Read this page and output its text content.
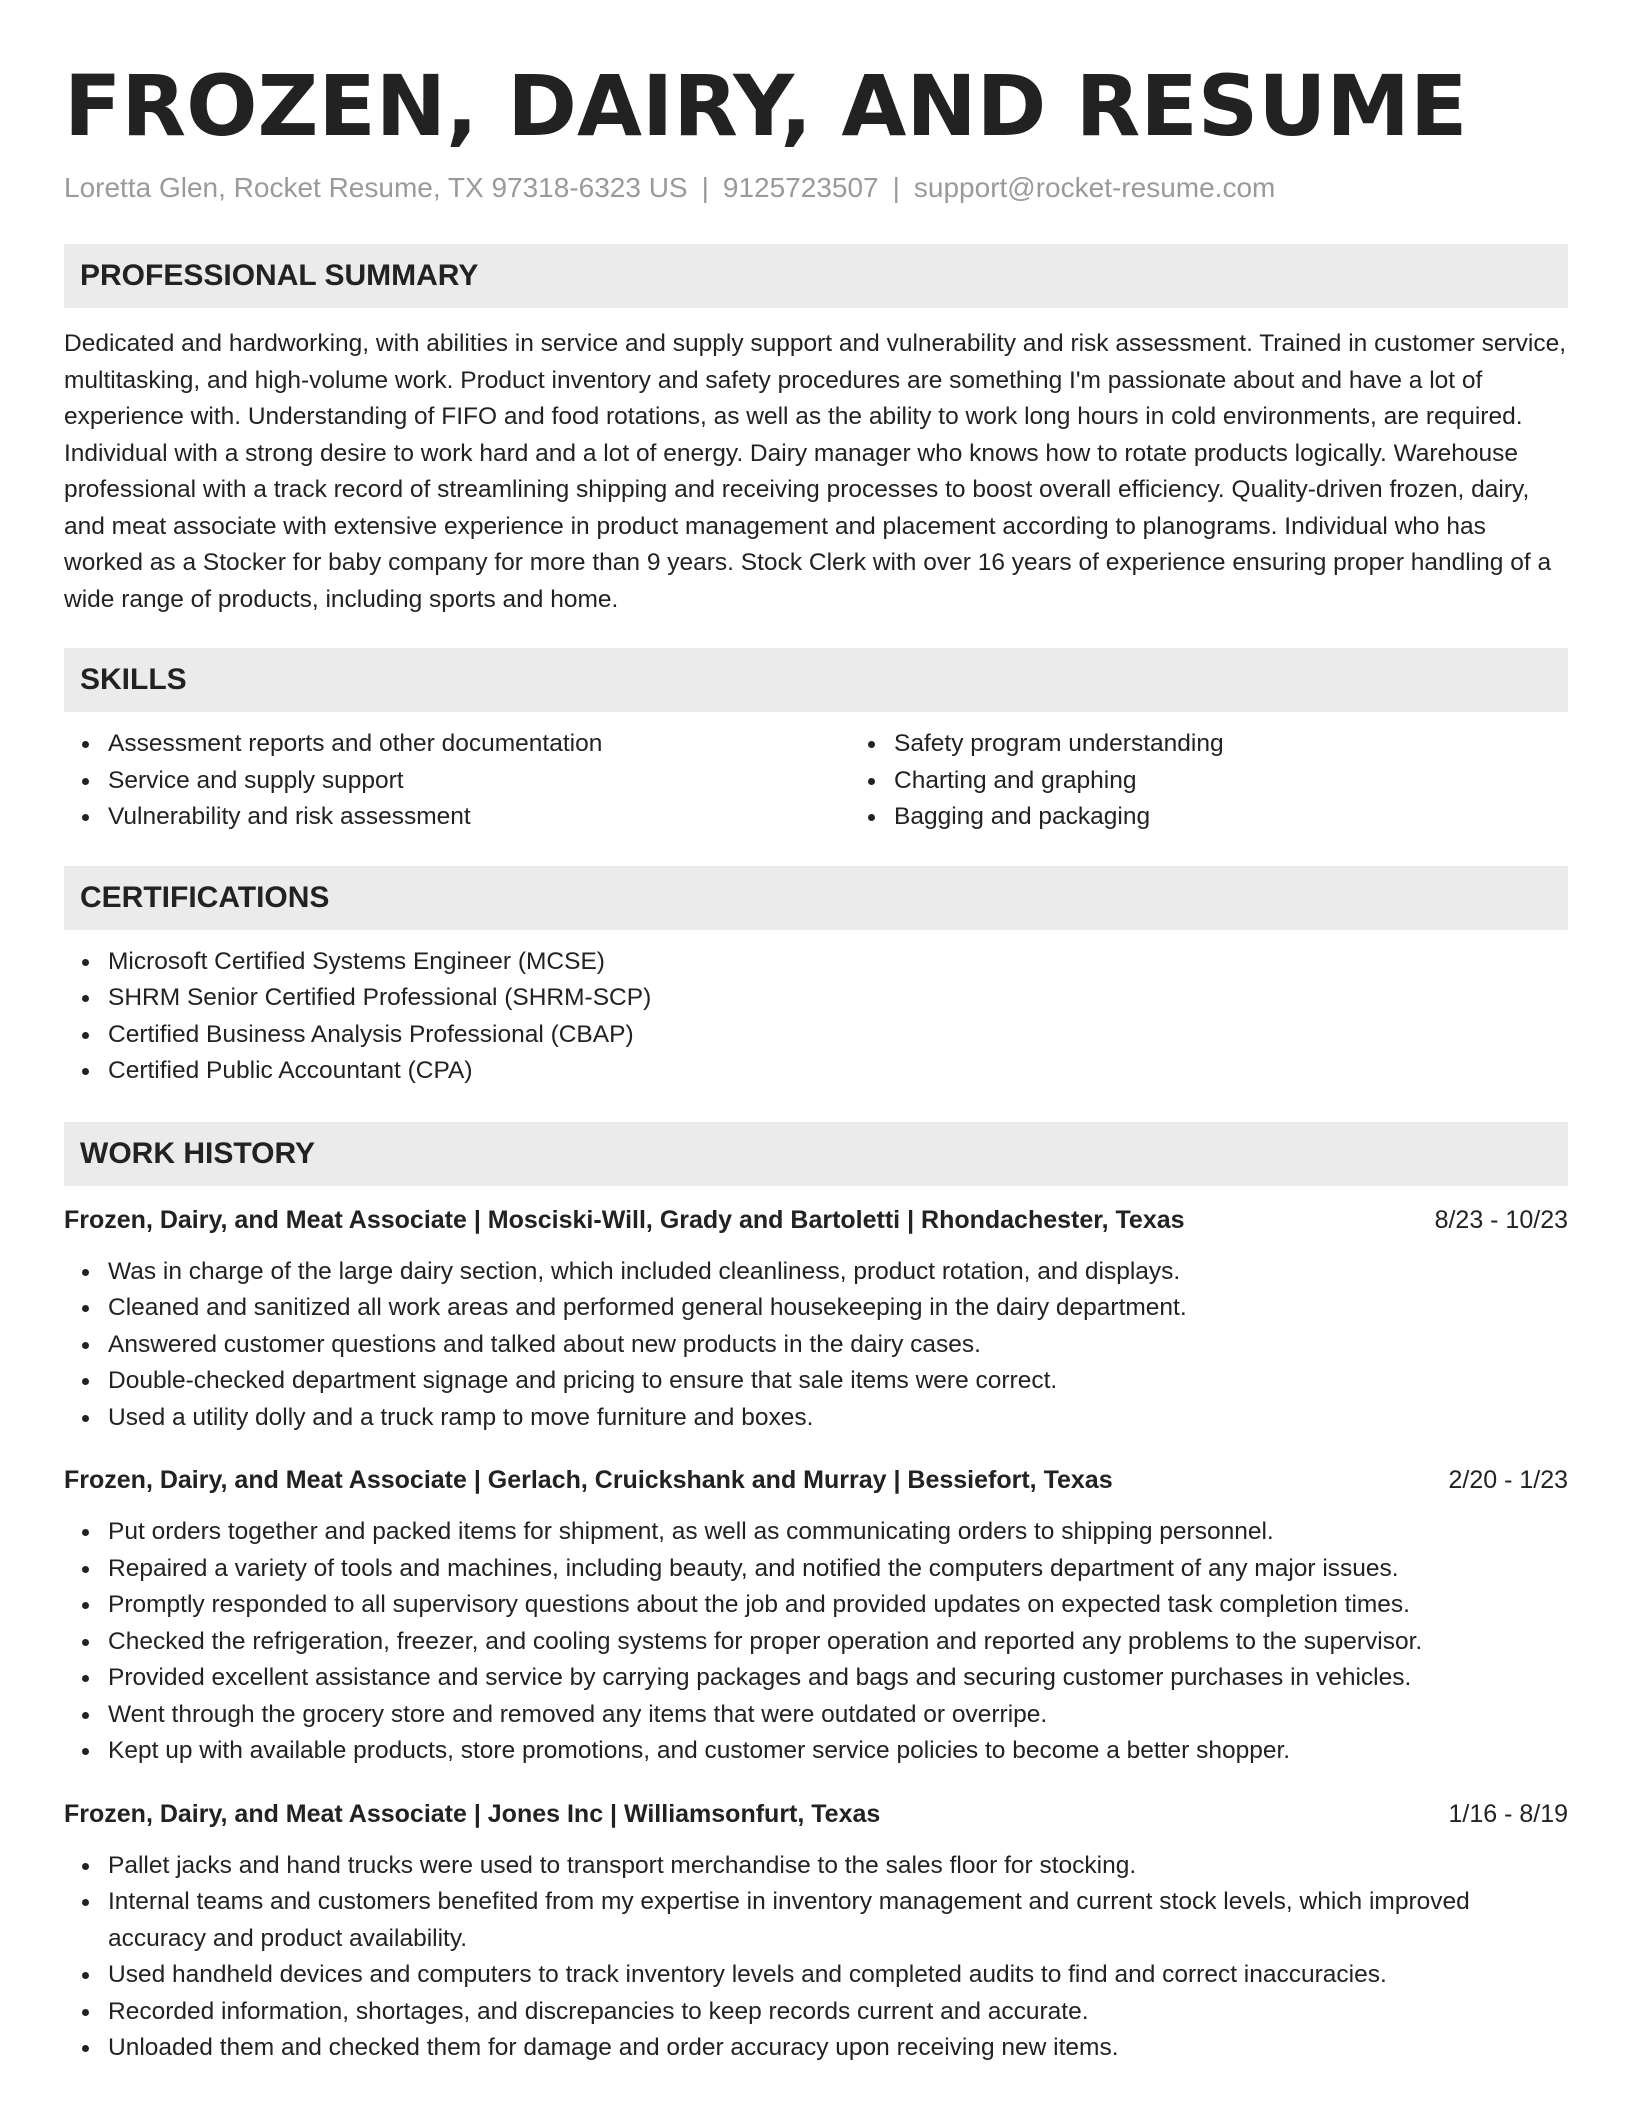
FROZEN, DAIRY, AND RESUME
Loretta Glen, Rocket Resume, TX 97318-6323 US | 9125723507 | support@rocket-resume.com
PROFESSIONAL SUMMARY

Dedicated and hardworking, with abilities in service and supply support and vulnerability and risk assessment. Trained in customer service, multitasking, and high-volume work. Product inventory and safety procedures are something I'm passionate about and have a lot of experience with. Understanding of FIFO and food rotations, as well as the ability to work long hours in cold environments, are required. Individual with a strong desire to work hard and a lot of energy. Dairy manager who knows how to rotate products logically. Warehouse professional with a track record of streamlining shipping and receiving processes to boost overall efficiency. Quality-driven frozen, dairy, and meat associate with extensive experience in product management and placement according to planograms. Individual who has worked as a Stocker for baby company for more than 9 years. Stock Clerk with over 16 years of experience ensuring proper handling of a wide range of products, including sports and home.

SKILLS
Assessment reports and other documentation
Service and supply support
Vulnerability and risk assessment
Safety program understanding
Charting and graphing
Bagging and packaging
CERTIFICATIONS
Microsoft Certified Systems Engineer (MCSE)
SHRM Senior Certified Professional (SHRM-SCP)
Certified Business Analysis Professional (CBAP)
Certified Public Accountant (CPA)
WORK HISTORY
Frozen, Dairy, and Meat Associate | Mosciski-Will, Grady and Bartoletti | Rhondachester, Texas	8/23 - 10/23
Was in charge of the large dairy section, which included cleanliness, product rotation, and displays.
Cleaned and sanitized all work areas and performed general housekeeping in the dairy department.
Answered customer questions and talked about new products in the dairy cases.
Double-checked department signage and pricing to ensure that sale items were correct.
Used a utility dolly and a truck ramp to move furniture and boxes.
Frozen, Dairy, and Meat Associate | Gerlach, Cruickshank and Murray | Bessiefort, Texas	2/20 - 1/23
Put orders together and packed items for shipment, as well as communicating orders to shipping personnel.
Repaired a variety of tools and machines, including beauty, and notified the computers department of any major issues.
Promptly responded to all supervisory questions about the job and provided updates on expected task completion times.
Checked the refrigeration, freezer, and cooling systems for proper operation and reported any problems to the supervisor.
Provided excellent assistance and service by carrying packages and bags and securing customer purchases in vehicles.
Went through the grocery store and removed any items that were outdated or overripe.
Kept up with available products, store promotions, and customer service policies to become a better shopper.
Frozen, Dairy, and Meat Associate | Jones Inc | Williamsonfurt, Texas	1/16 - 8/19
Pallet jacks and hand trucks were used to transport merchandise to the sales floor for stocking.
Internal teams and customers benefited from my expertise in inventory management and current stock levels, which improved accuracy and product availability.
Used handheld devices and computers to track inventory levels and completed audits to find and correct inaccuracies.
Recorded information, shortages, and discrepancies to keep records current and accurate.
Unloaded them and checked them for damage and order accuracy upon receiving new items.
